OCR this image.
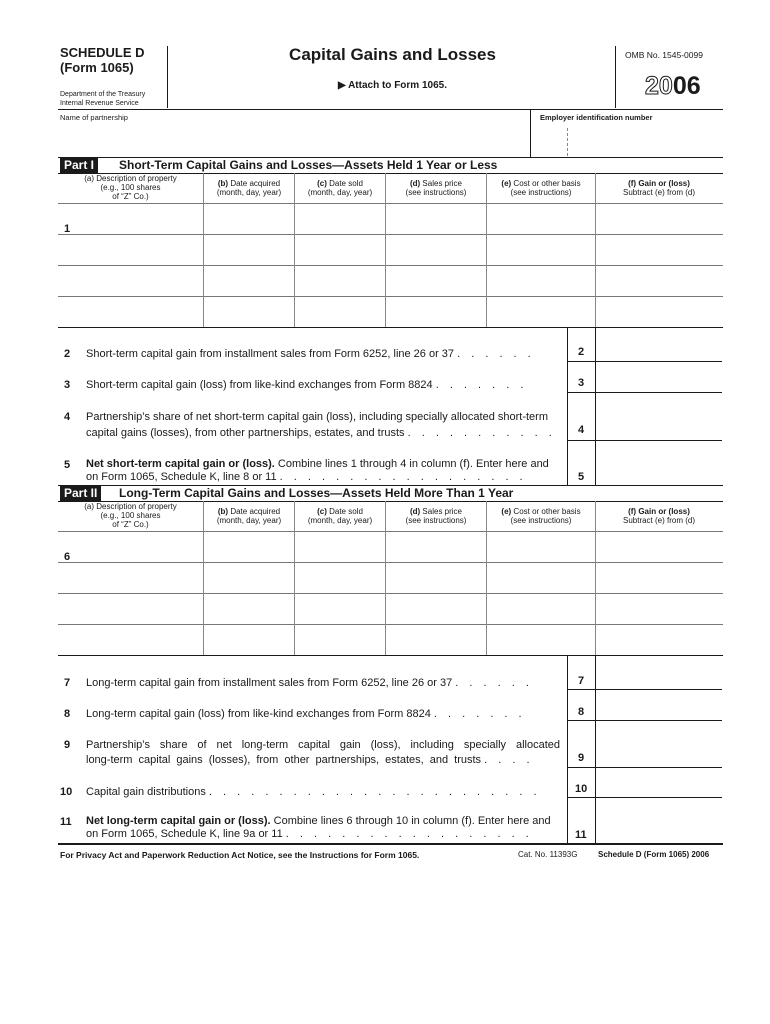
SCHEDULE D
(Form 1065)
Department of the Treasury
Internal Revenue Service
Capital Gains and Losses
▶ Attach to Form 1065.
OMB No. 1545-0099
2006
Name of partnership	Employer identification number
Part I	Short-Term Capital Gains and Losses—Assets Held 1 Year or Less
(a) Description of property
(e.g., 100 shares
of “Z” Co.)
(b) Date acquired
(month, day, year)
(c) Date sold
(month, day, year)
(d) Sales price
(see instructions)
(e) Cost or other basis
(see instructions)
(f) Gain or (loss)
Subtract (e) from (d)
1
2 Short-term capital gain from installment sales from Form 6252, line 26 or 37 . . . . . .	2
3 Short-term capital gain (loss) from like-kind exchanges from Form 8824 . . . . . . .	3
4 Partnership’s share of net short-term capital gain (loss), including specially allocated short-term
capital gains (losses), from other partnerships, estates, and trusts . . . . . . . . . . . 4
5 Net short-term capital gain or (loss). Combine lines 1 through 4 in column (f). Enter here and
on Form 1065, Schedule K, line 8 or 11 . . . . . . . . . . . . . . . . . .	5
Part II	Long-Term Capital Gains and Losses—Assets Held More Than 1 Year
(a) Description of property
(e.g., 100 shares
of “Z” Co.)
(b) Date acquired
(month, day, year)
(c) Date sold
(month, day, year)
(d) Sales price
(see instructions)
(e) Cost or other basis
(see instructions)
(f) Gain or (loss)
Subtract (e) from (d)
6
7 Long-term capital gain from installment sales from Form 6252, line 26 or 37 . . . . . .	7
8 Long-term capital gain (loss) from like-kind exchanges from Form 8824 . . . . . . .	8
9 Partnership’s share of net long-term capital gain (loss), including specially allocated
long-term capital gains (losses), from other partnerships, estates, and trusts . . . .	9
10 Capital gain distributions . . . . . . . . . . . . . . . . . . . . . . . .	10
11 Net long-term capital gain or (loss). Combine lines 6 through 10 in column (f). Enter here and
on Form 1065, Schedule K, line 9a or 11 . . . . . . . . . . . . . . . . . .	11
For Privacy Act and Paperwork Reduction Act Notice, see the Instructions for Form 1065.	Cat. No. 11393G	Schedule D (Form 1065) 2006
